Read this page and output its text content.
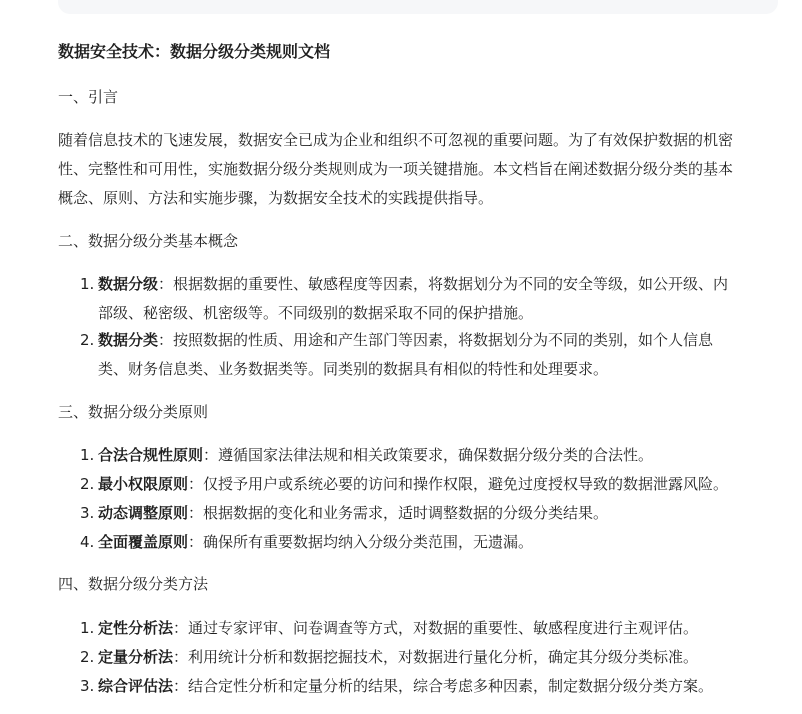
数据安全技术：数据分级分类规则文档
一、引言
随着信息技术的飞速发展，数据安全已成为企业和组织不可忽视的重要问题。为了有效保护数据的机密
性、完整性和可用性，实施数据分级分类规则成为一项关键措施。本文档旨在阐述数据分级分类的基本
概念、原则、方法和实施步骤，为数据安全技术的实践提供指导。
二、数据分级分类基本概念
1. 数据分级：根据数据的重要性、敏感程度等因素，将数据划分为不同的安全等级，如公开级、内
部级、秘密级、机密级等。不同级别的数据采取不同的保护措施。
2. 数据分类：按照数据的性质、用途和产生部门等因素，将数据划分为不同的类别，如个人信息
类、财务信息类、业务数据类等。同类别的数据具有相似的特性和处理要求。
三、数据分级分类原则
1. 合法合规性原则：遵循国家法律法规和相关政策要求，确保数据分级分类的合法性。
2. 最小权限原则：仅授予用户或系统必要的访问和操作权限，避免过度授权导致的数据泄露风险。
3. 动态调整原则：根据数据的变化和业务需求，适时调整数据的分级分类结果。
4. 全面覆盖原则：确保所有重要数据均纳入分级分类范围，无遗漏。
四、数据分级分类方法
1. 定性分析法：通过专家评审、问卷调查等方式，对数据的重要性、敏感程度进行主观评估。
2. 定量分析法：利用统计分析和数据挖掘技术，对数据进行量化分析，确定其分级分类标准。
3. 综合评估法：结合定性分析和定量分析的结果，综合考虑多种因素，制定数据分级分类方案。
